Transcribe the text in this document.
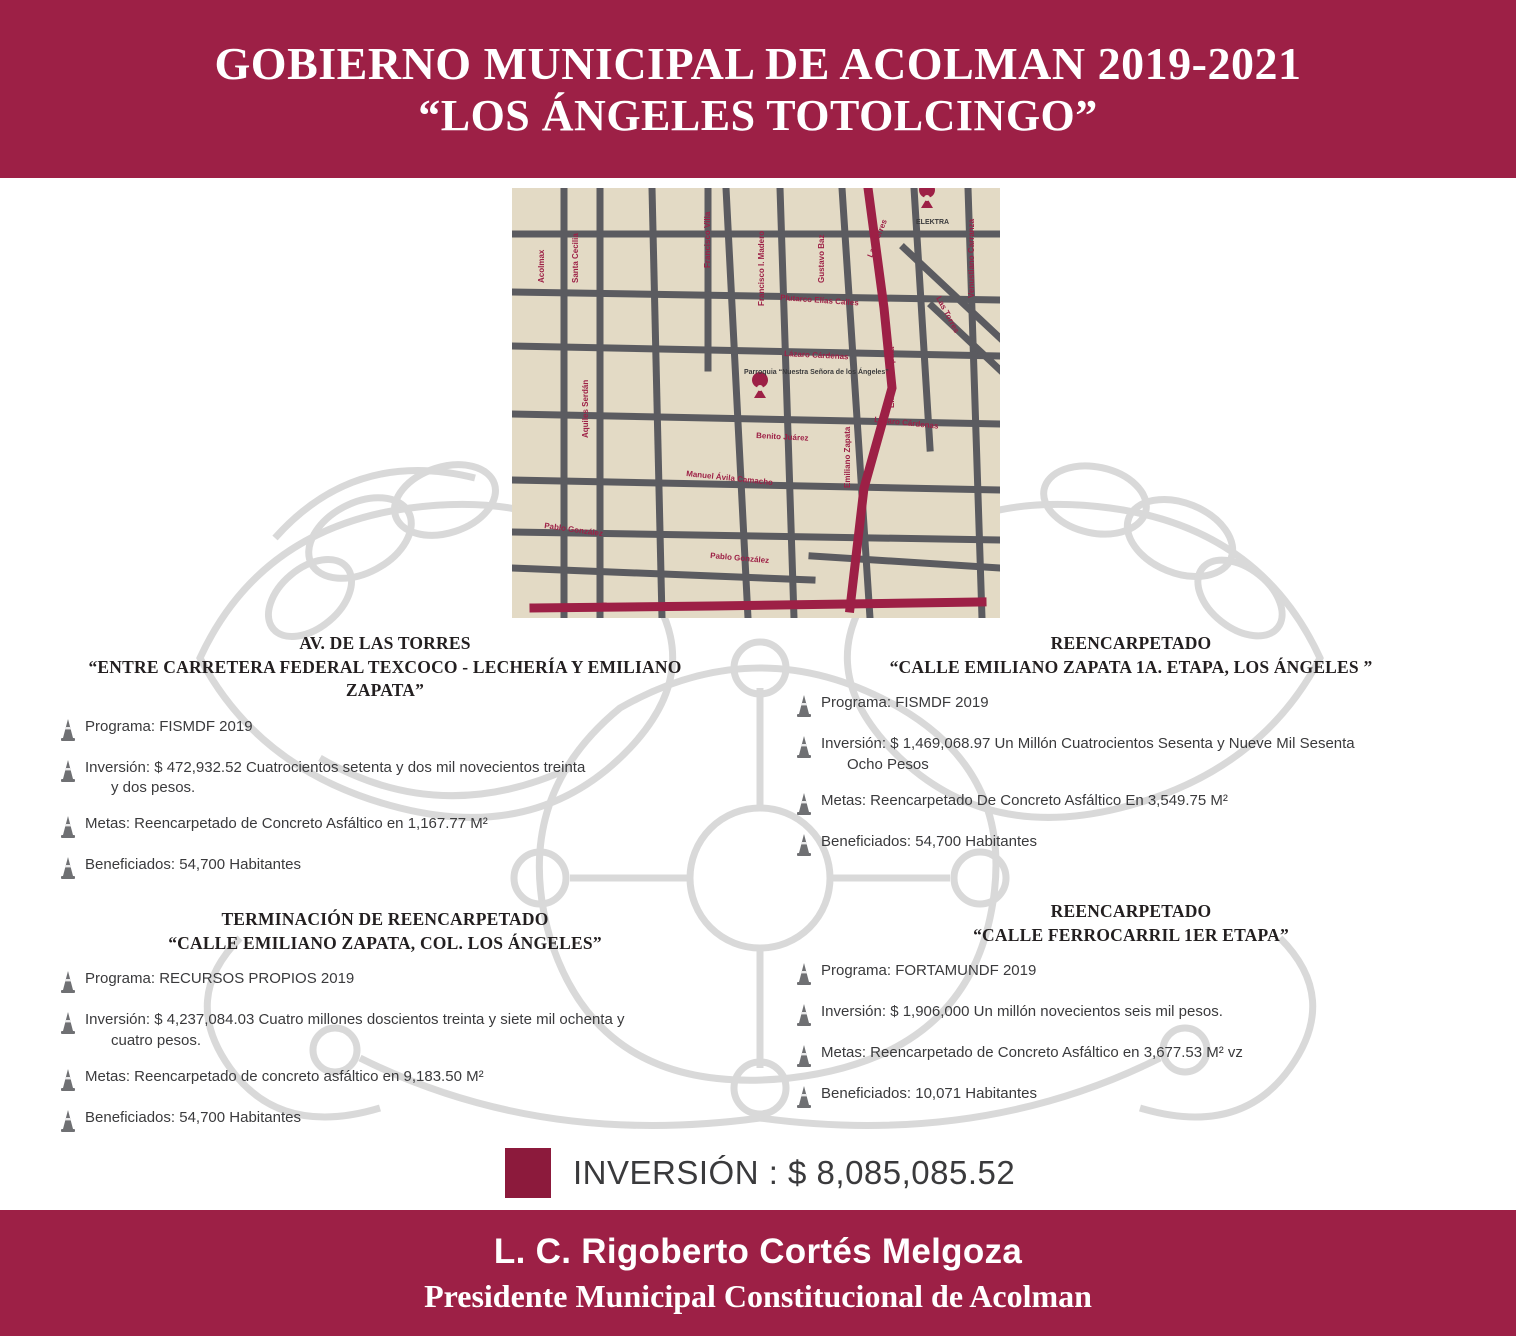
GOBIERNO MUNICIPAL DE ACOLMAN 2019-2021
“LOS ÁNGELES TOTOLCINGO”
Acolmax	Santa Cecilia	Francisco Villa	Francisco I. Madero	Gustavo Baz	Las Torres	Venustiano Carranza
Plutarco Elías Calles
Lázaro Cárdenas	Emiliano Zapata
Las Torres
Aquiles Serdán	Benito Juárez
Lázaro Cárdenas
Manuel Ávila Camacho	Emiliano Zapata
Pablo González
Pablo González
Ferrocarril Veracruz
ELEKTRA
Parroquia “Nuestra Señora de los Ángeles”
AV. DE LAS TORRES
“ENTRE CARRETERA FEDERAL TEXCOCO - LECHERÍA Y EMILIANO ZAPATA”
Programa: FISMDF 2019
Inversión: $ 472,932.52 Cuatrocientos setenta y dos mil novecientos treinta
y dos pesos.
Metas: Reencarpetado de Concreto Asfáltico en 1,167.77 M²
Beneficiados: 54,700 Habitantes
REENCARPETADO
“CALLE EMILIANO ZAPATA 1A. ETAPA, LOS ÁNGELES ”
Programa: FISMDF 2019
Inversión: $ 1,469,068.97 Un Millón Cuatrocientos Sesenta y Nueve Mil Sesenta
Ocho Pesos
Metas: Reencarpetado De Concreto Asfáltico En 3,549.75 M²
Beneficiados: 54,700 Habitantes
TERMINACIÓN DE REENCARPETADO
“CALLE EMILIANO ZAPATA, COL. LOS ÁNGELES”
Programa: RECURSOS PROPIOS 2019
Inversión: $ 4,237,084.03 Cuatro millones doscientos treinta y siete mil ochenta y
cuatro pesos.
Metas: Reencarpetado de concreto asfáltico en 9,183.50 M²
Beneficiados: 54,700 Habitantes
REENCARPETADO
“CALLE FERROCARRIL 1ER ETAPA”
Programa: FORTAMUNDF 2019
Inversión: $ 1,906,000 Un millón novecientos seis mil pesos.
Metas: Reencarpetado de Concreto Asfáltico en 3,677.53 M² vz
Beneficiados: 10,071 Habitantes
INVERSIÓN : $ 8,085,085.52

L. C. Rigoberto Cortés Melgoza

Presidente Municipal Constitucional de Acolman
